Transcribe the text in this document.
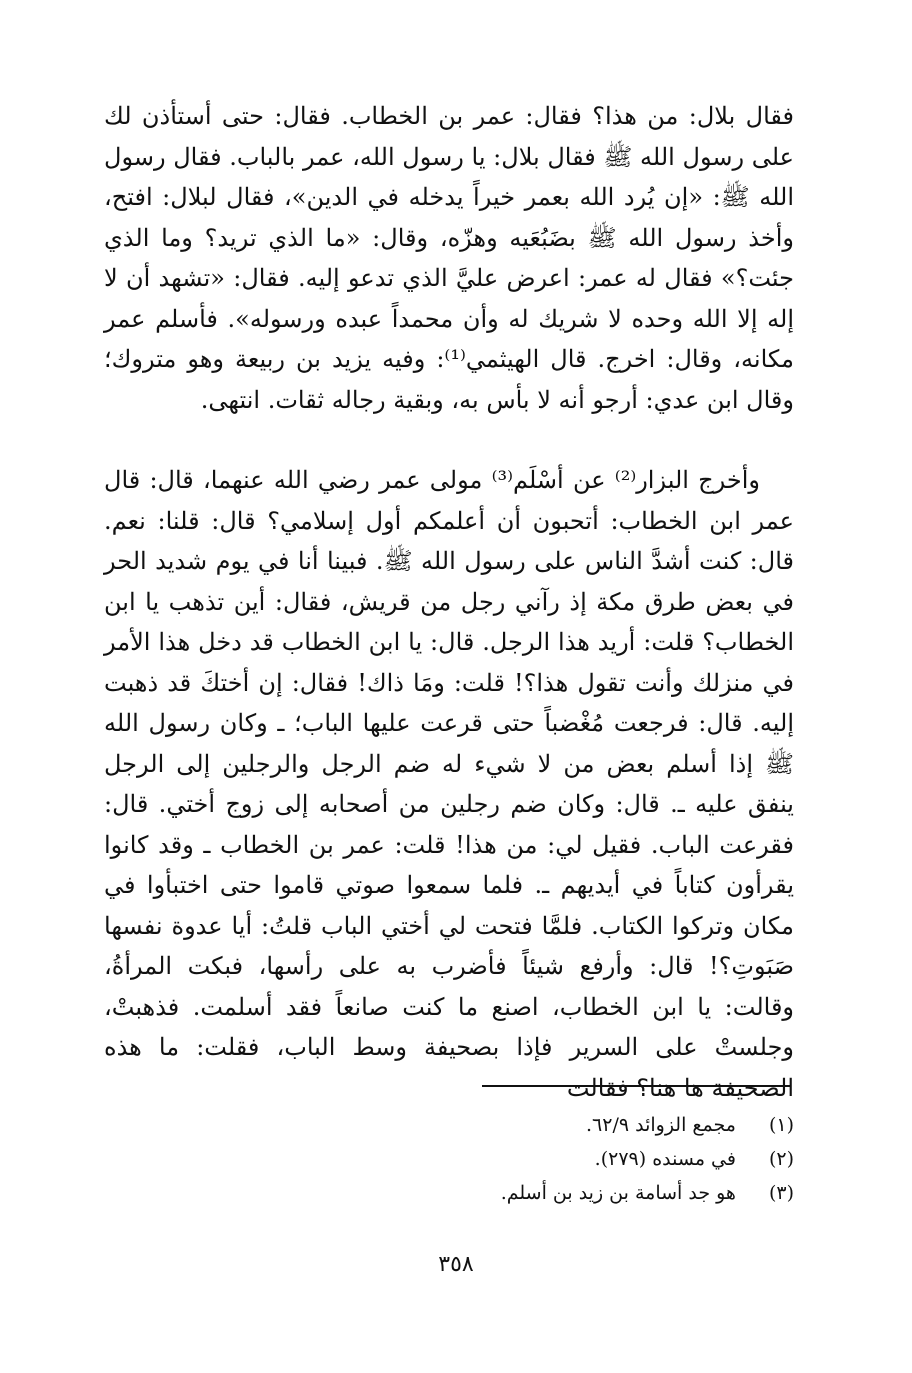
فقال بلال: من هذا؟ فقال: عمر بن الخطاب. فقال: حتى أستأذن لك على رسول الله ﷺ فقال بلال: يا رسول الله، عمر بالباب. فقال رسول الله ﷺ: «إن يُرد الله بعمر خيراً يدخله في الدين»، فقال لبلال: افتح، وأخذ رسول الله ﷺ بضَبُعَيه وهزّه، وقال: «ما الذي تريد؟ وما الذي جئت؟» فقال له عمر: اعرض عليَّ الذي تدعو إليه. فقال: «تشهد أن لا إله إلا الله وحده لا شريك له وأن محمداً عبده ورسوله». فأسلم عمر مكانه، وقال: اخرج. قال الهيثمي⁽¹⁾: وفيه يزيد بن ربيعة وهو متروك؛ وقال ابن عدي: أرجو أنه لا بأس به، وبقية رجاله ثقات. انتهى.

وأخرج البزار⁽²⁾ عن أسْلَم⁽³⁾ مولى عمر رضي الله عنهما، قال: قال عمر ابن الخطاب: أتحبون أن أعلمكم أول إسلامي؟ قال: قلنا: نعم. قال: كنت أشدَّ الناس على رسول الله ﷺ. فبينا أنا في يوم شديد الحر في بعض طرق مكة إذ رآني رجل من قريش، فقال: أين تذهب يا ابن الخطاب؟ قلت: أريد هذا الرجل. قال: يا ابن الخطاب قد دخل هذا الأمر في منزلك وأنت تقول هذا؟! قلت: ومَا ذاك! فقال: إن أختكَ قد ذهبت إليه. قال: فرجعت مُغْضباً حتى قرعت عليها الباب؛ ـ وكان رسول الله ﷺ إذا أسلم بعض من لا شيء له ضم الرجل والرجلين إلى الرجل ينفق عليه ـ. قال: وكان ضم رجلين من أصحابه إلى زوج أختي. قال: فقرعت الباب. فقيل لي: من هذا! قلت: عمر بن الخطاب ـ وقد كانوا يقرأون كتاباً في أيديهم ـ. فلما سمعوا صوتي قاموا حتى اختبأوا في مكان وتركوا الكتاب. فلمَّا فتحت لي أختي الباب قلتُ: أيا عدوة نفسها صَبَوتِ؟! قال: وأرفع شيئاً فأضرب به على رأسها، فبكت المرأةُ، وقالت: يا ابن الخطاب، اصنع ما كنت صانعاً فقد أسلمت. فذهبتْ، وجلستْ على السرير فإذا بصحيفة وسط الباب، فقلت: ما هذه الصحيفة ها هنا؟ فقالت

(١) مجمع الزوائد ٦٢/٩.
(٢) في مسنده (٢٧٩).
(٣) هو جد أسامة بن زيد بن أسلم.
٣٥٨
